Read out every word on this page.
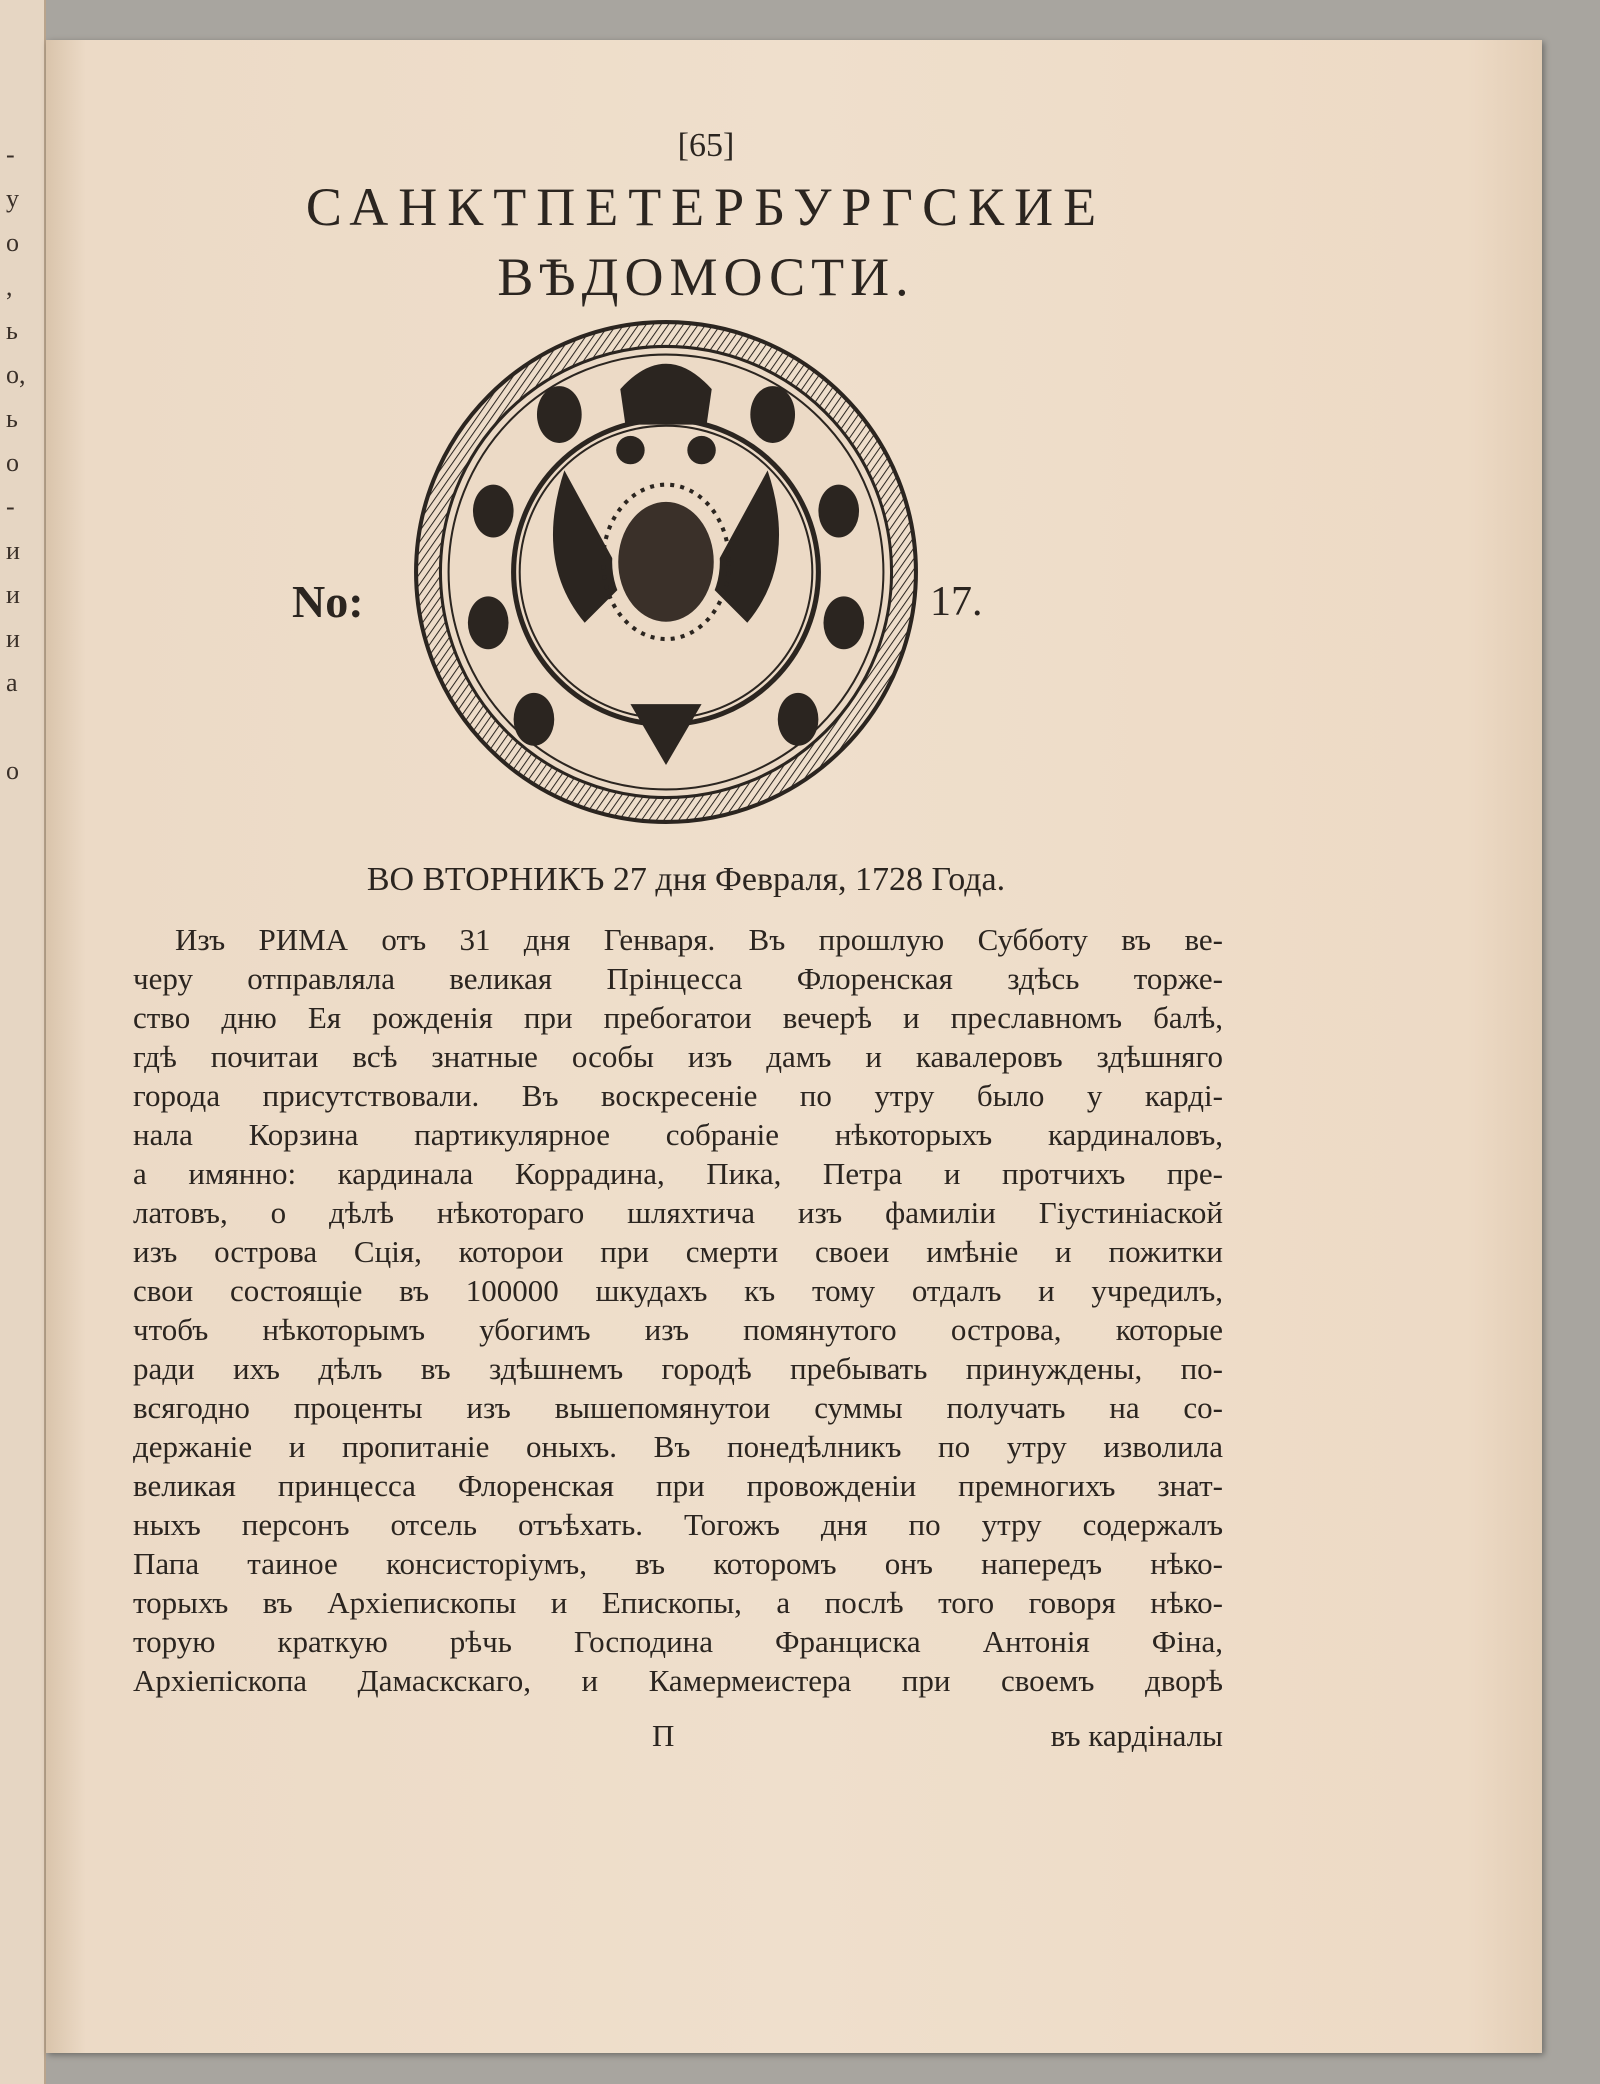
-
у
о
,
ь
о,
ь
о
-
и
и
и
а
о
[65]
САНКТПЕТЕРБУРГСКИЕ
ВѢДОМОСТИ.
No:	17.
ВО ВТОРНИКЪ 27 дня Февраля, 1728 Года.
Изъ РИМА отъ 31 дня Генваря. Въ прошлую Субботу въ ве-
черу отправляла великая Прiнцесса Флоренская здѣсь торже-
ство дню Ея рожденiя при пребогатои вечерѣ и преславномъ балѣ,
гдѣ почитаи всѣ знатные особы изъ дамъ и кавалеровъ здѣшняго
города присутствовали. Въ воскресенiе по утру было у кардi-
нала Корзина партикулярное собранiе нѣкоторыхъ кардиналовъ,
а имянно: кардинала Коррадина, Пика, Петра и протчихъ пре-
латовъ, о дѣлѣ нѣкотораго шляхтича изъ фамилiи Гiустинiаской
изъ острова Сцiя, которои при смерти своеи имѣнiе и пожитки
свои состоящiе въ 100000 шкудахъ къ тому отдалъ и учредилъ,
чтобъ нѣкоторымъ убогимъ изъ помянутого острова, которые
ради ихъ дѣлъ въ здѣшнемъ городѣ пребывать принуждены, по-
всягодно проценты изъ вышепомянутои суммы получать на со-
держанiе и пропитанiе оныхъ. Въ понедѣлникъ по утру изволила
великая принцесса Флоренская при провожденiи премногихъ знат-
ныхъ персонъ отсель отъѣхать. Тогожъ дня по утру содержалъ
Папа таиное консисторiумъ, въ которомъ онъ напередъ нѣко-
торыхъ въ Архiепископы и Епископы, а послѣ того говоря нѣко-
торую краткую рѣчь Господина Франциска Антонiя Фiна,
Архiепiскопа Дамаскскаго, и Камермеистера при своемъ дворѣ
П	въ кардiналы
